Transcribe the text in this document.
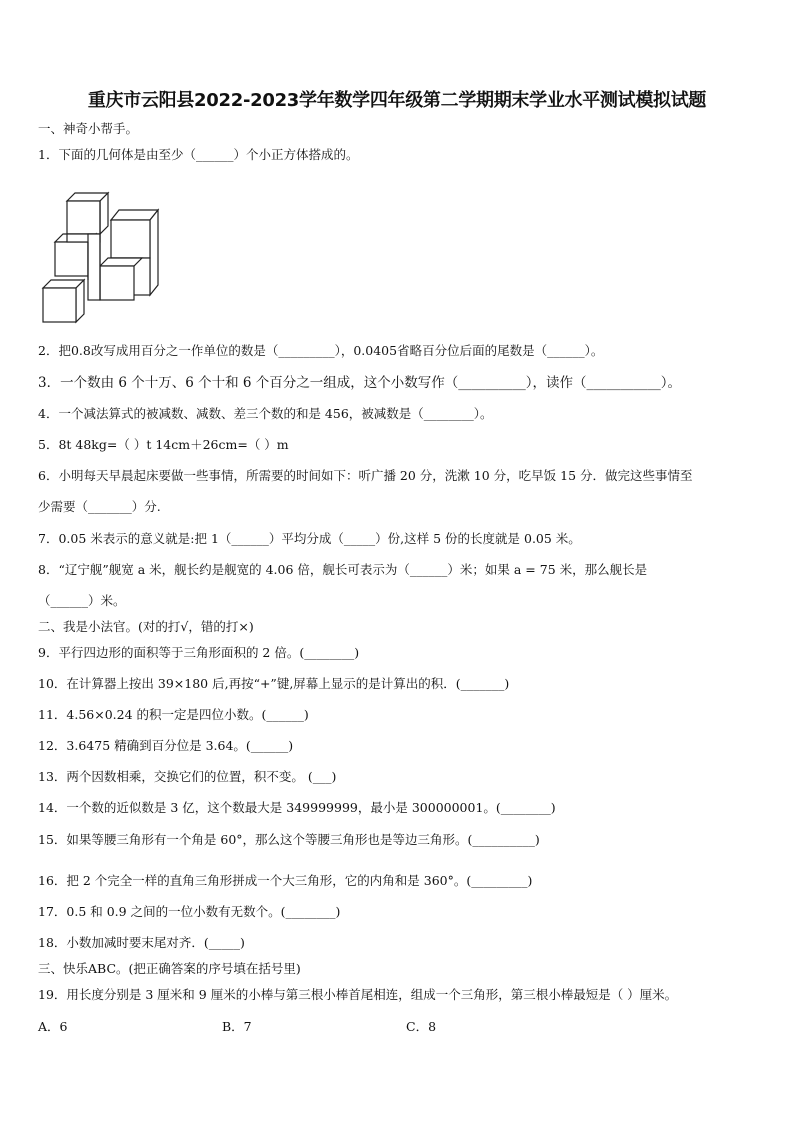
重庆市云阳县2022-2023学年数学四年级第二学期期末学业水平测试模拟试题
一、神奇小帮手。
1．下面的几何体是由至少（______）个小正方体搭成的。
2．把0.8改写成用百分之一作单位的数是（_________），0.0405省略百分位后面的尾数是（______）。
3．一个数由 6 个十万、6 个十和 6 个百分之一组成，这个小数写作（__________），读作（___________）。
4．一个减法算式的被减数、减数、差三个数的和是 456，被减数是（________）。
5．8t 48kg=（ ）t 14cm＋26cm=（ ）m
6．小明每天早晨起床要做一些事情，所需要的时间如下：听广播 20 分，洗漱 10 分，吃早饭 15 分．做完这些事情至
少需要（_______）分.
7．0.05 米表示的意义就是:把 1（______）平均分成（_____）份,这样 5 份的长度就是 0.05 米。
8．“辽宁舰”舰宽 a 米，舰长约是舰宽的 4.06 倍，舰长可表示为（______）米；如果 a = 75 米，那么舰长是
（______）米。
二、我是小法官。(对的打√，错的打×)
9．平行四边形的面积等于三角形面积的 2 倍。(________)
10．在计算器上按出 39×180 后,再按“+”键,屏幕上显示的是计算出的积．(_______)
11．4.56×0.24 的积一定是四位小数。(______)
12．3.6475 精确到百分位是 3.64。(______)
13．两个因数相乘，交换它们的位置，积不变。 (___)
14．一个数的近似数是 3 亿，这个数最大是 349999999，最小是 300000001。(________)
15．如果等腰三角形有一个角是 60°，那么这个等腰三角形也是等边三角形。(__________)
16．把 2 个完全一样的直角三角形拼成一个大三角形，它的内角和是 360°。(_________)
17．0.5 和 0.9 之间的一位小数有无数个。(________)
18．小数加减时要末尾对齐．(_____)
三、快乐ABC。(把正确答案的序号填在括号里)
19．用长度分别是 3 厘米和 9 厘米的小棒与第三根小棒首尾相连，组成一个三角形，第三根小棒最短是（ ）厘米。
A．6	B．7	C．8
